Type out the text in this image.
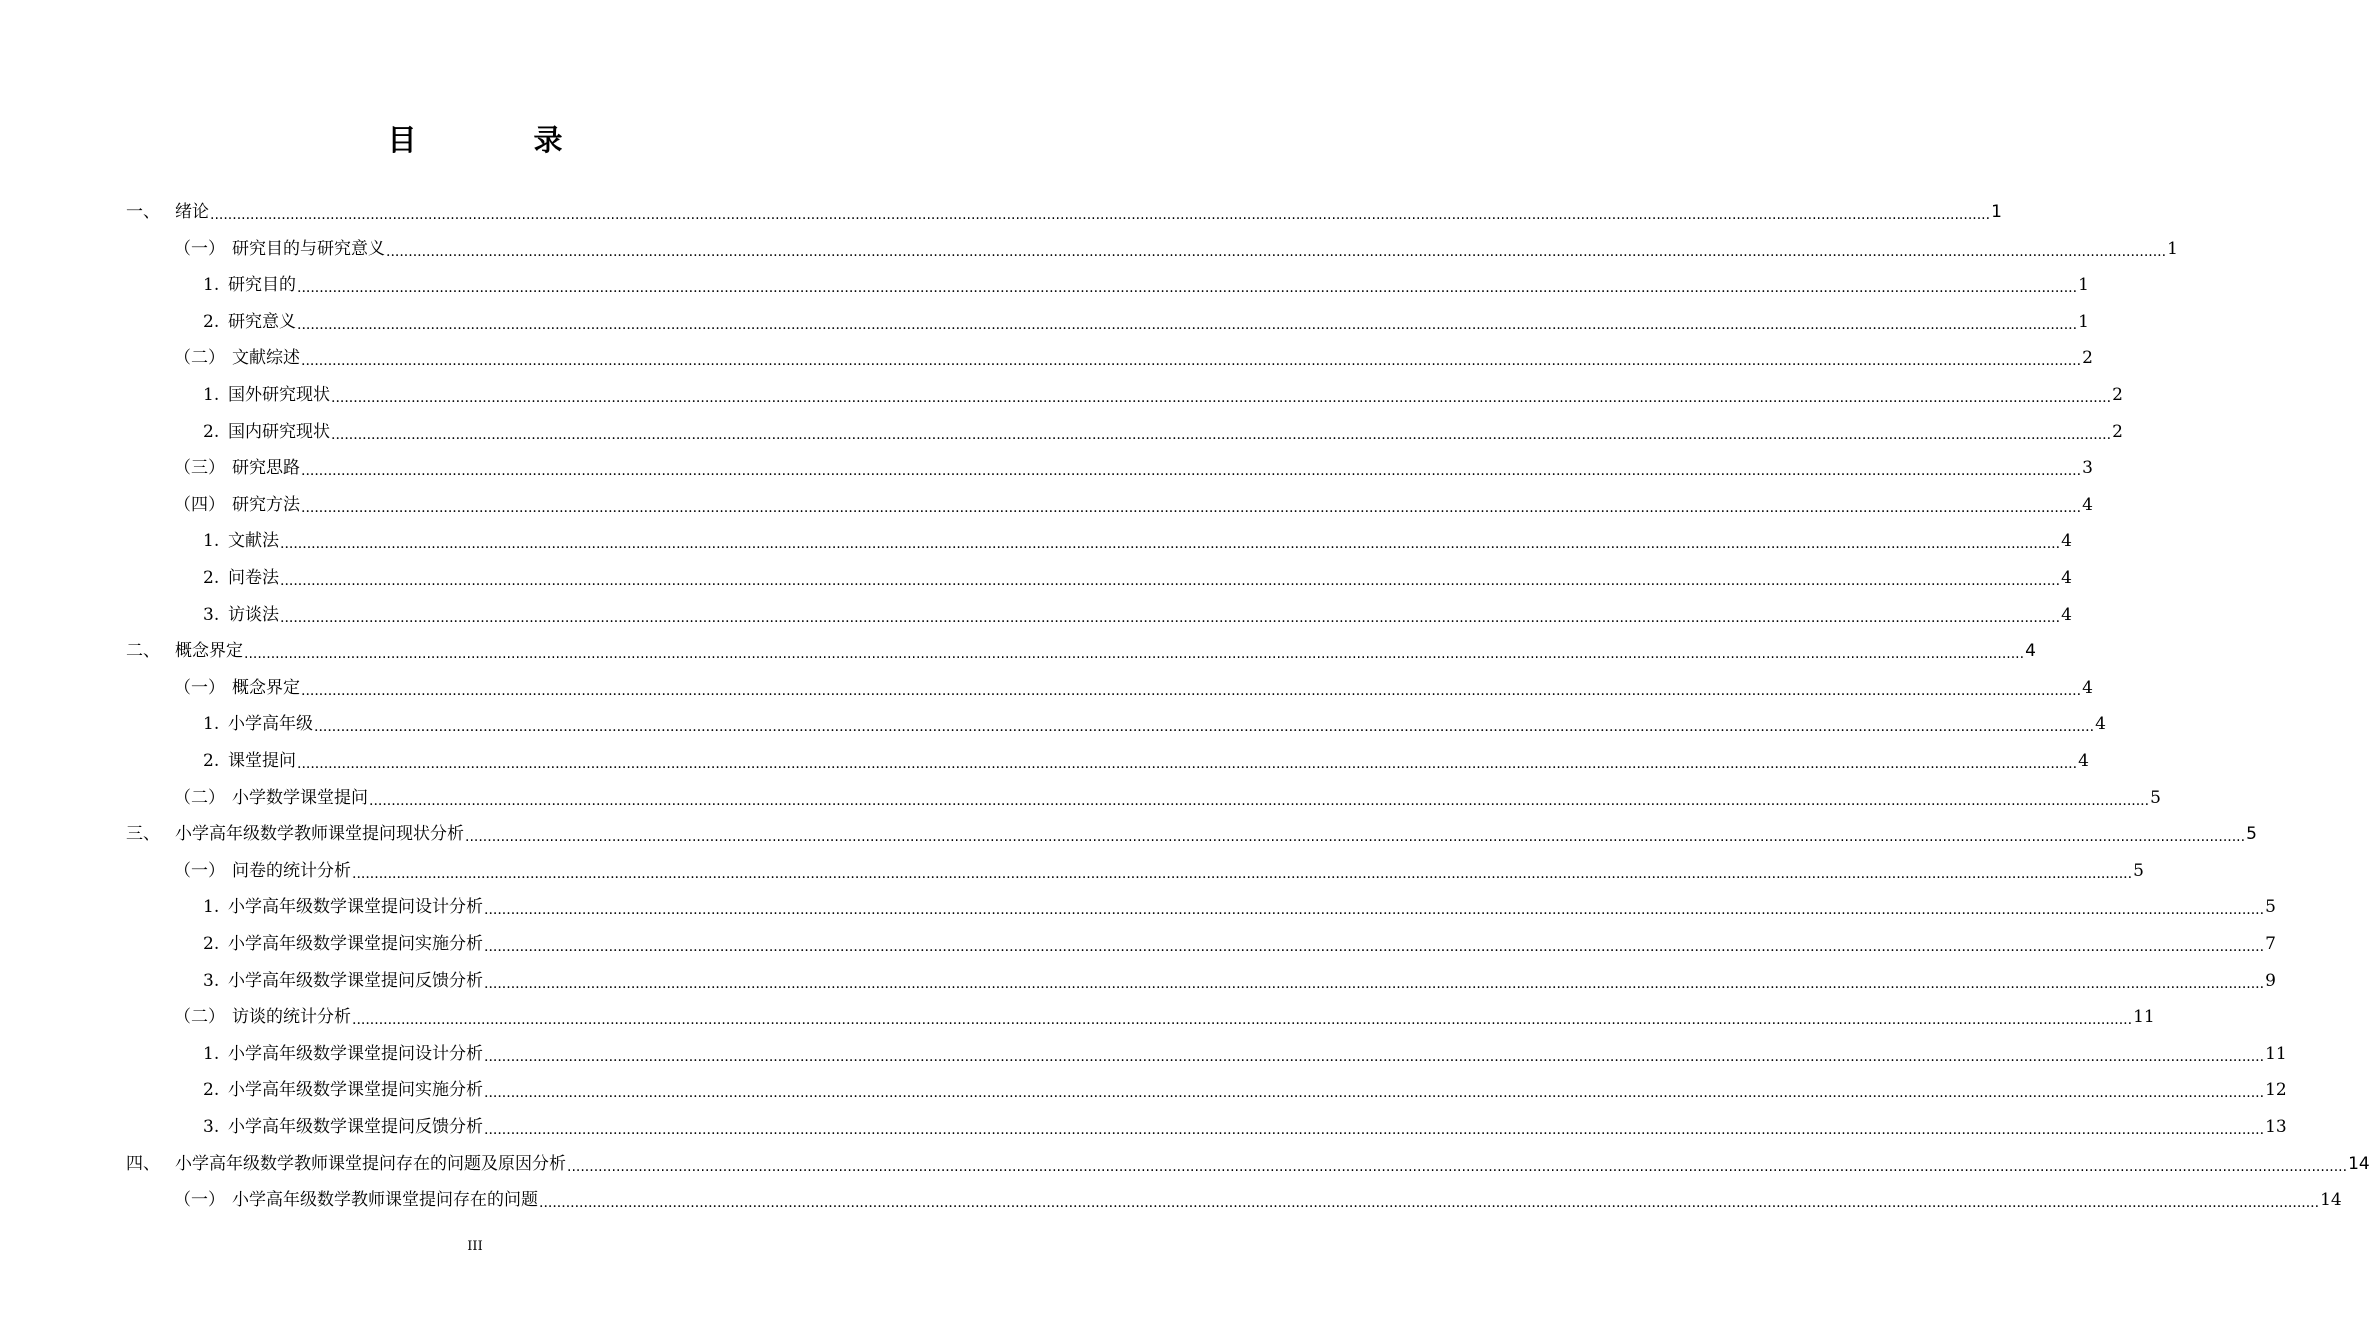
目　录
一、 绪论 ................................................................................................................................................................................................................................................................................................................................................................................................................ 1
（一） 研究目的与研究意义 ................................................................................................................................................................................................................................................................................................................................................................................................................ 1
1. 研究目的 ................................................................................................................................................................................................................................................................................................................................................................................................................ 1
2. 研究意义 ................................................................................................................................................................................................................................................................................................................................................................................................................ 1
（二） 文献综述 ................................................................................................................................................................................................................................................................................................................................................................................................................ 2
1. 国外研究现状 ................................................................................................................................................................................................................................................................................................................................................................................................................ 2
2. 国内研究现状 ................................................................................................................................................................................................................................................................................................................................................................................................................ 2
（三） 研究思路 ................................................................................................................................................................................................................................................................................................................................................................................................................ 3
（四） 研究方法 ................................................................................................................................................................................................................................................................................................................................................................................................................ 4
1. 文献法 ................................................................................................................................................................................................................................................................................................................................................................................................................ 4
2. 问卷法 ................................................................................................................................................................................................................................................................................................................................................................................................................ 4
3. 访谈法 ................................................................................................................................................................................................................................................................................................................................................................................................................ 4
二、 概念界定 ................................................................................................................................................................................................................................................................................................................................................................................................................ 4
（一） 概念界定 ................................................................................................................................................................................................................................................................................................................................................................................................................ 4
1. 小学高年级 ................................................................................................................................................................................................................................................................................................................................................................................................................ 4
2. 课堂提问 ................................................................................................................................................................................................................................................................................................................................................................................................................ 4
（二） 小学数学课堂提问 ................................................................................................................................................................................................................................................................................................................................................................................................................ 5
三、 小学高年级数学教师课堂提问现状分析 ................................................................................................................................................................................................................................................................................................................................................................................................................ 5
（一） 问卷的统计分析 ................................................................................................................................................................................................................................................................................................................................................................................................................ 5
1. 小学高年级数学课堂提问设计分析 ................................................................................................................................................................................................................................................................................................................................................................................................................ 5
2. 小学高年级数学课堂提问实施分析 ................................................................................................................................................................................................................................................................................................................................................................................................................ 7
3. 小学高年级数学课堂提问反馈分析 ................................................................................................................................................................................................................................................................................................................................................................................................................ 9
（二） 访谈的统计分析 ................................................................................................................................................................................................................................................................................................................................................................................................................ 11
1. 小学高年级数学课堂提问设计分析 ................................................................................................................................................................................................................................................................................................................................................................................................................ 11
2. 小学高年级数学课堂提问实施分析 ................................................................................................................................................................................................................................................................................................................................................................................................................ 12
3. 小学高年级数学课堂提问反馈分析 ................................................................................................................................................................................................................................................................................................................................................................................................................ 13
四、 小学高年级数学教师课堂提问存在的问题及原因分析 ................................................................................................................................................................................................................................................................................................................................................................................................................ 14
（一） 小学高年级数学教师课堂提问存在的问题 ................................................................................................................................................................................................................................................................................................................................................................................................................ 14
III
